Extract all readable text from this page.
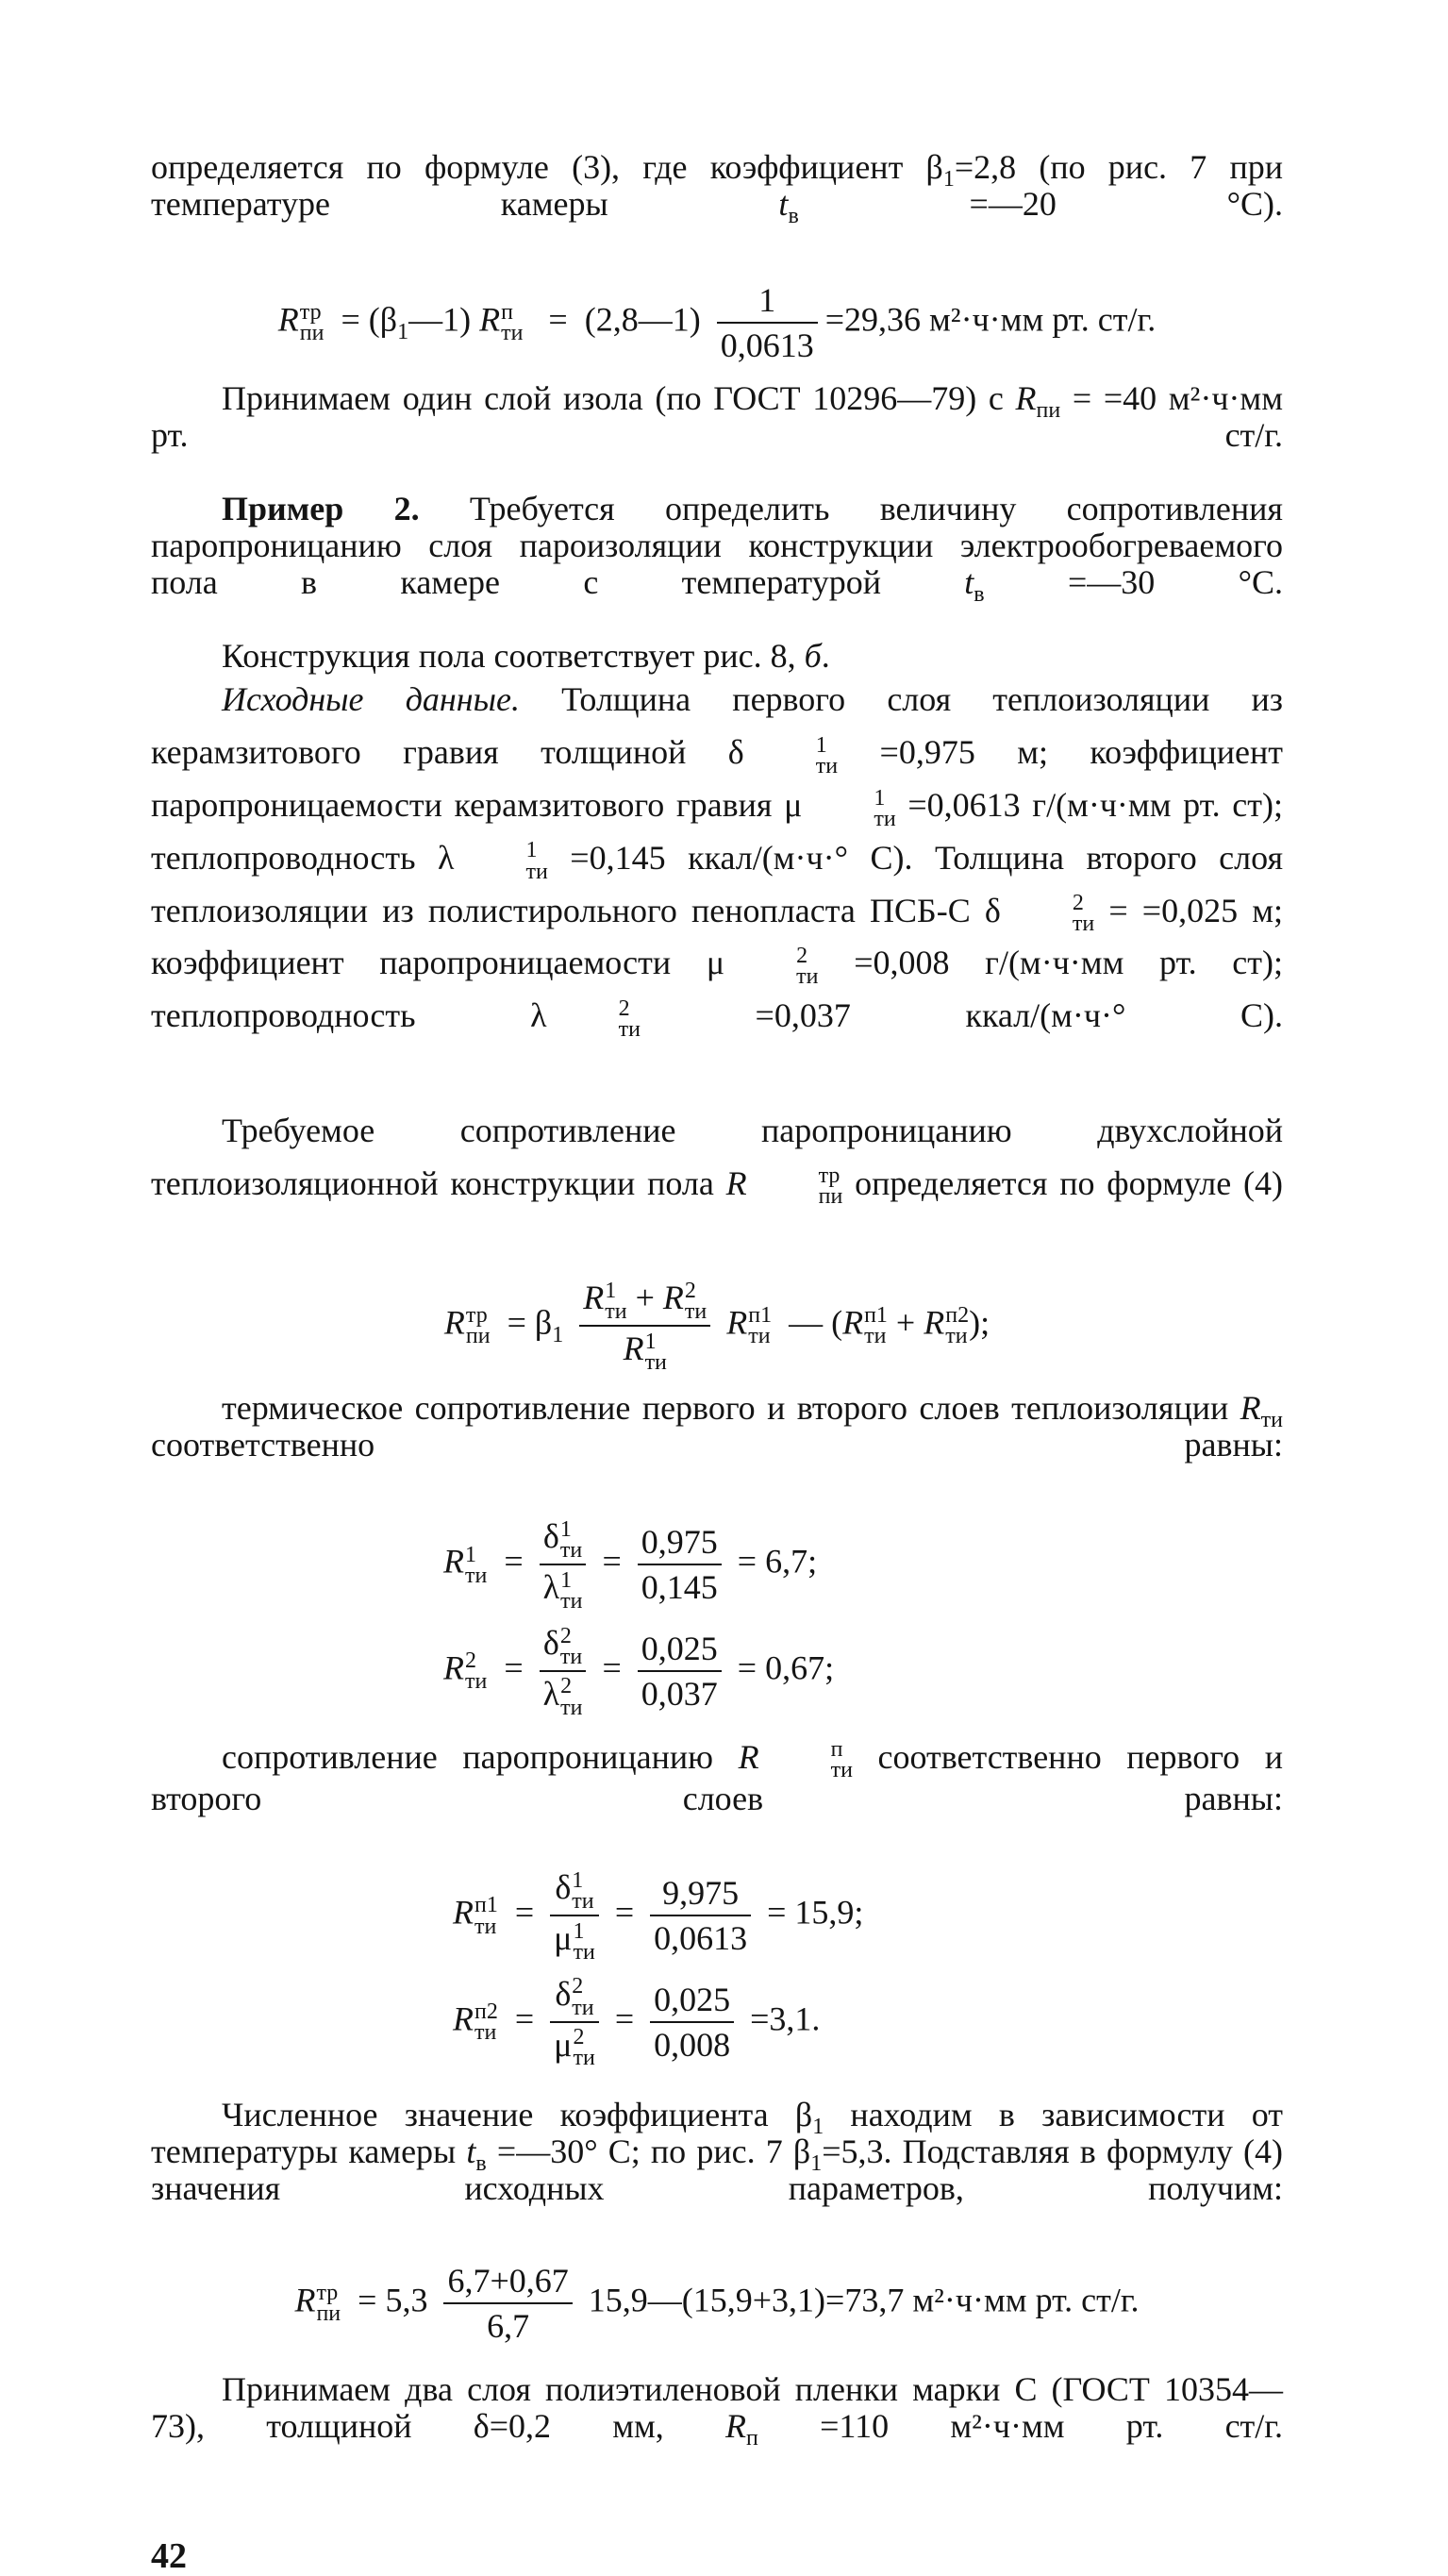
определяется по формуле (3), где коэффициент $\beta_1=2,8$ (по рис. 7 при температуре камеры $t_в$ =—20 °С).

R тр
пи = $(\beta_1—1)$ R п
ти =  (2,8—1) $\frac{1}{0,0613} =29,36$ м²·ч·мм рт. ст/г.

Принимаем один слой изола (по ГОСТ 10296—79) с $R_{пи} = =40$ м²·ч·мм рт. ст/г.

Пример 2. Требуется определить величину сопротивления паропроницанию слоя пароизоляции конструкции электрообогреваемого пола в камере с температурой $t_в$ =—30 °С.

Конструкция пола соответствует рис. 8, б.

Исходные данные. Толщина первого слоя теплоизоляции из керамзитового гравия толщиной δ	1
ти =0,975 м; коэффициент паропроницаемости керамзитового гравия μ	1
ти =0,0613 г/(м·ч·мм рт. ст); теплопроводность λ	1
ти =0,145 ккал/(м·ч·° С). Толщина второго слоя теплоизоляции из полистирольного пенопласта ПСБ-С δ	2
ти = =0,025 м; коэффициент паропроницаемости μ	2
ти =0,008 г/(м·ч·мм рт. ст); теплопроводность λ	2
ти =0,037 ккал/(м·ч·° С).

Требуемое сопротивление паропроницанию двухслойной теплоизоляционной конструкции пола R	тр
пи определяется по формуле (4)

R тр
пи = $\beta_1$ R 1
ти + R 2
ти
R 1
ти R п1
ти — (R п1
ти + R п2
ти );

термическое сопротивление первого и второго слоев теплоизоляции $R_{ти}$ соответственно равны:

R 1
ти = δ 1
ти
λ 1
ти = $\frac{0,975}{0,145} = 6,7$;
R 2
ти = δ 2
ти
λ 2
ти = $\frac{0,025}{0,037} = 0,67$;

сопротивление паропроницанию R	п
ти соответственно первого и второго слоев равны:

R п1
ти = δ 1
ти
μ 1
ти = $\frac{9,975}{0,0613} = 15,9$;
R п2
ти = δ 2
ти
μ 2
ти = $\frac{0,025}{0,008} =3,1$.

Численное значение коэффициента $\beta_1$ находим в зависимости от температуры камеры $t_в$ =—30° С; по рис. 7 $\beta_1=5,3$. Подставляя в формулу (4) значения исходных параметров, получим:

R тр
пи = $5,3 \frac{6,7+0,67}{6,7}$ 15,9—(15,9+3,1)=73,7 м²·ч·мм рт. ст/г.

Принимаем два слоя полиэтиленовой пленки марки С (ГОСТ 10354—73), толщиной δ=0,2 мм, $R_п =110$ м²·ч·мм рт. ст/г.

42
